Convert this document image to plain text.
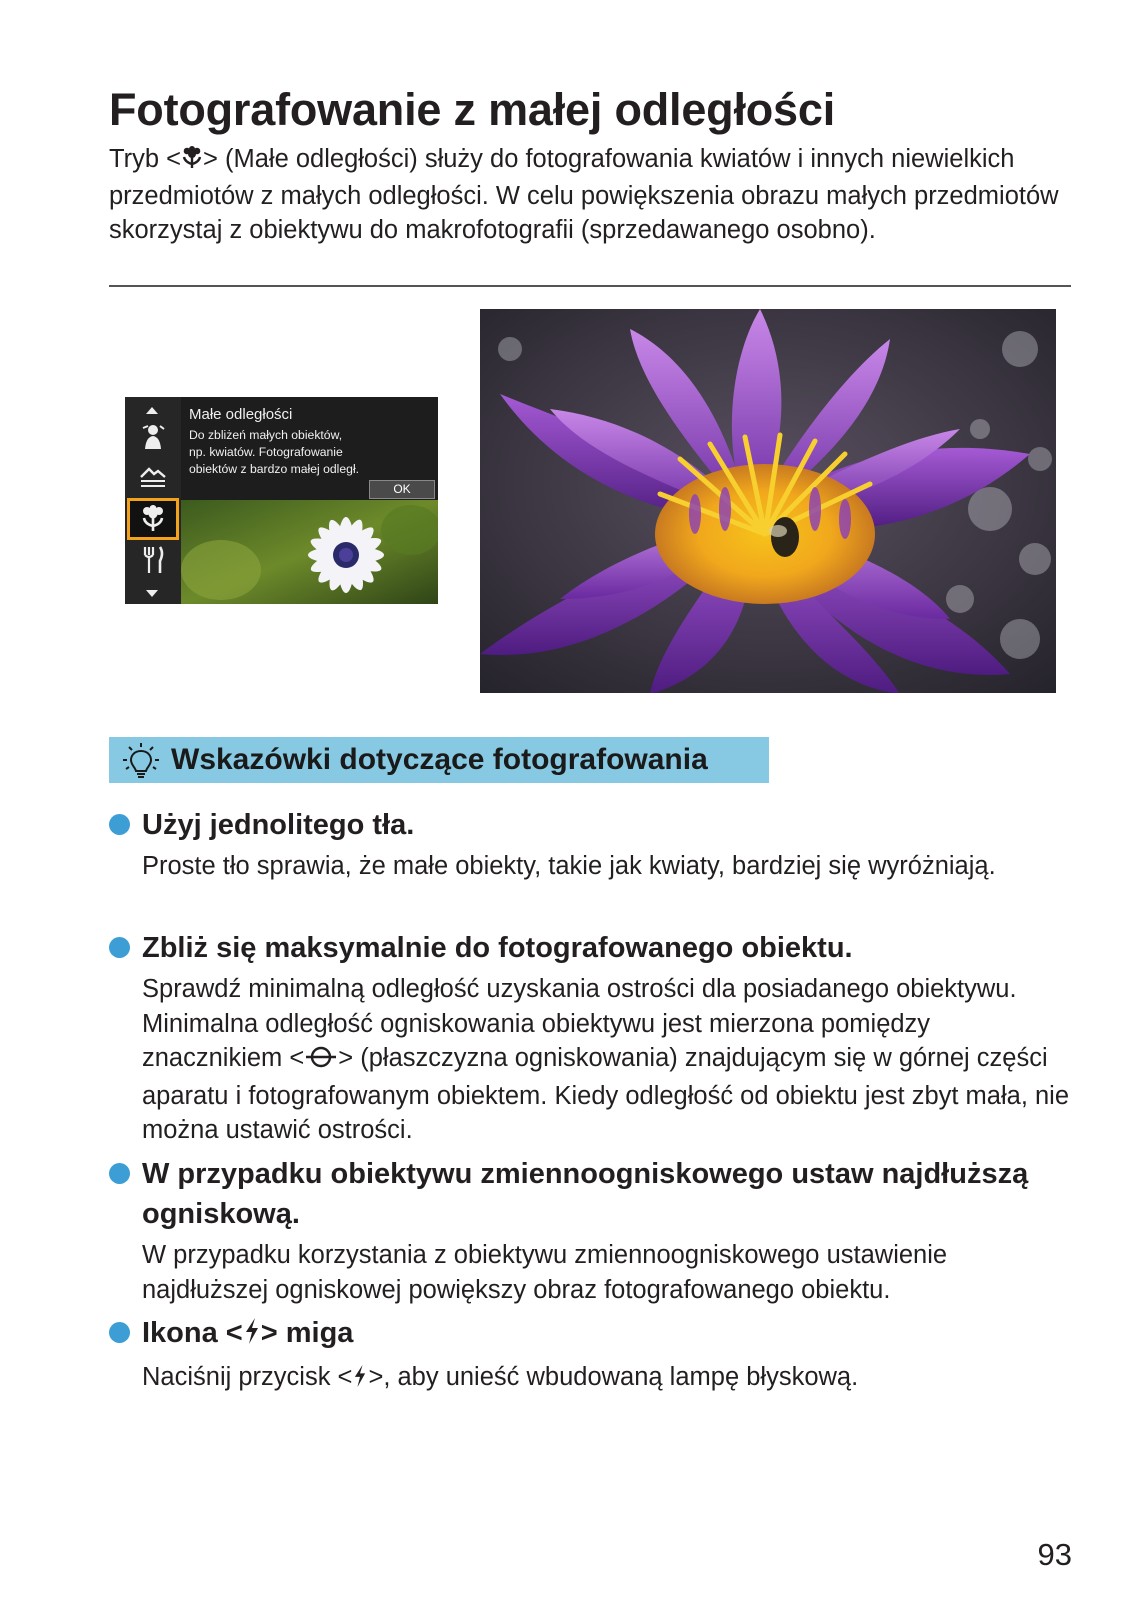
Fotografowanie z małej odległości
Tryb < > (Małe odległości) służy do fotografowania kwiatów i innych niewielkich przedmiotów z małych odległości. W celu powiększenia obrazu małych przedmiotów skorzystaj z obiektywu do makrofotografii (sprzedawanego osobno).
Małe odległości
Do zbliżeń małych obiektów,
np. kwiatów. Fotografowanie
obiektów z bardzo małej odległ.
OK
Wskazówki dotyczące fotografowania
Użyj jednolitego tła.
Proste tło sprawia, że małe obiekty, takie jak kwiaty, bardziej się wyróżniają.
Zbliż się maksymalnie do fotografowanego obiektu.
Sprawdź minimalną odległość uzyskania ostrości dla posiadanego obiektywu. Minimalna odległość ogniskowania obiektywu jest mierzona pomiędzy znacznikiem < > (płaszczyzna ogniskowania) znajdującym się w górnej części aparatu i fotografowanym obiektem. Kiedy odległość od obiektu jest zbyt mała, nie można ustawić ostrości.
W przypadku obiektywu zmiennoogniskowego ustaw najdłuższą ogniskową.
W przypadku korzystania z obiektywu zmiennoogniskowego ustawienie najdłuższej ogniskowej powiększy obraz fotografowanego obiektu.
Ikona < > miga
Naciśnij przycisk < >, aby unieść wbudowaną lampę błyskową.
93
